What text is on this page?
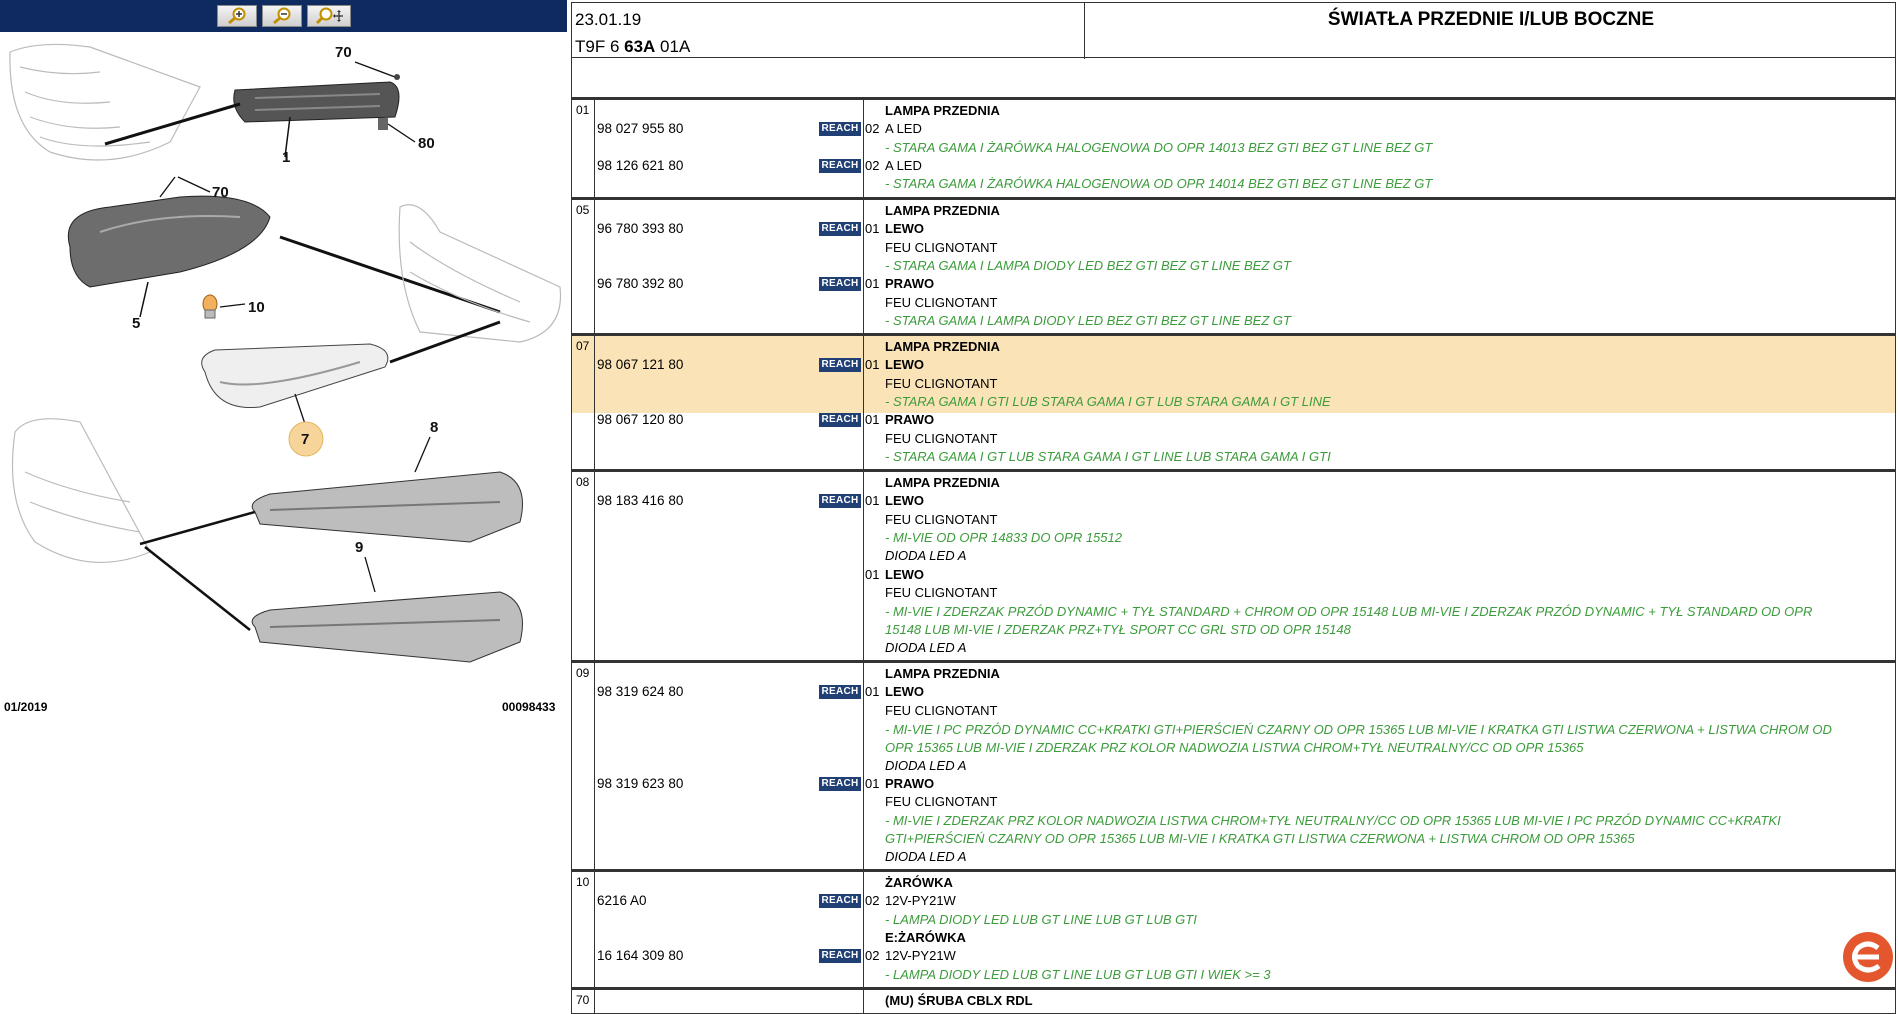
70
80
1
70
10
5
7
8
9
01/2019	00098433
23.01.19
T9F 6 63A 01A
ŚWIATŁA PRZEDNIE I/LUB BOCZNE
01	LAMPA PRZEDNIA
98 027 955 80	REACH 02 A LED
- STARA GAMA I ŻARÓWKA HALOGENOWA DO OPR 14013 BEZ GTI BEZ GT LINE BEZ GT
98 126 621 80	REACH 02 A LED
- STARA GAMA I ŻARÓWKA HALOGENOWA OD OPR 14014 BEZ GTI BEZ GT LINE BEZ GT
05	LAMPA PRZEDNIA
96 780 393 80	REACH 01 LEWO
FEU CLIGNOTANT
- STARA GAMA I LAMPA DIODY LED BEZ GTI BEZ GT LINE BEZ GT
96 780 392 80	REACH 01 PRAWO
FEU CLIGNOTANT
- STARA GAMA I LAMPA DIODY LED BEZ GTI BEZ GT LINE BEZ GT
07	LAMPA PRZEDNIA
98 067 121 80	REACH 01 LEWO
FEU CLIGNOTANT
- STARA GAMA I GTI LUB STARA GAMA I GT LUB STARA GAMA I GT LINE
98 067 120 80	REACH 01 PRAWO
FEU CLIGNOTANT
- STARA GAMA I GT LUB STARA GAMA I GT LINE LUB STARA GAMA I GTI
08	LAMPA PRZEDNIA
98 183 416 80	REACH 01 LEWO
FEU CLIGNOTANT
- MI-VIE OD OPR 14833 DO OPR 15512
DIODA LED A
01 LEWO
FEU CLIGNOTANT
- MI-VIE I ZDERZAK PRZÓD DYNAMIC + TYŁ STANDARD + CHROM OD OPR 15148 LUB MI-VIE I ZDERZAK PRZÓD DYNAMIC + TYŁ STANDARD OD OPR 15148 LUB MI-VIE I ZDERZAK PRZ+TYŁ SPORT CC GRL STD OD OPR 15148
DIODA LED A
09	LAMPA PRZEDNIA
98 319 624 80	REACH 01 LEWO
FEU CLIGNOTANT
- MI-VIE I PC PRZÓD DYNAMIC CC+KRATKI GTI+PIERŚCIEŃ CZARNY OD OPR 15365 LUB MI-VIE I KRATKA GTI LISTWA CZERWONA + LISTWA CHROM OD OPR 15365 LUB MI-VIE I ZDERZAK PRZ KOLOR NADWOZIA LISTWA CHROM+TYŁ NEUTRALNY/CC OD OPR 15365
DIODA LED A
98 319 623 80	REACH 01 PRAWO
FEU CLIGNOTANT
- MI-VIE I ZDERZAK PRZ KOLOR NADWOZIA LISTWA CHROM+TYŁ NEUTRALNY/CC OD OPR 15365 LUB MI-VIE I PC PRZÓD DYNAMIC CC+KRATKI GTI+PIERŚCIEŃ CZARNY OD OPR 15365 LUB MI-VIE I KRATKA GTI LISTWA CZERWONA + LISTWA CHROM OD OPR 15365
DIODA LED A
10	ŻARÓWKA
6216 A0	REACH 02 12V-PY21W
- LAMPA DIODY LED LUB GT LINE LUB GT LUB GTI
E:ŻARÓWKA
16 164 309 80	REACH 02 12V-PY21W
- LAMPA DIODY LED LUB GT LINE LUB GT LUB GTI I WIEK >= 3
70	(MU) ŚRUBA CBLX RDL
